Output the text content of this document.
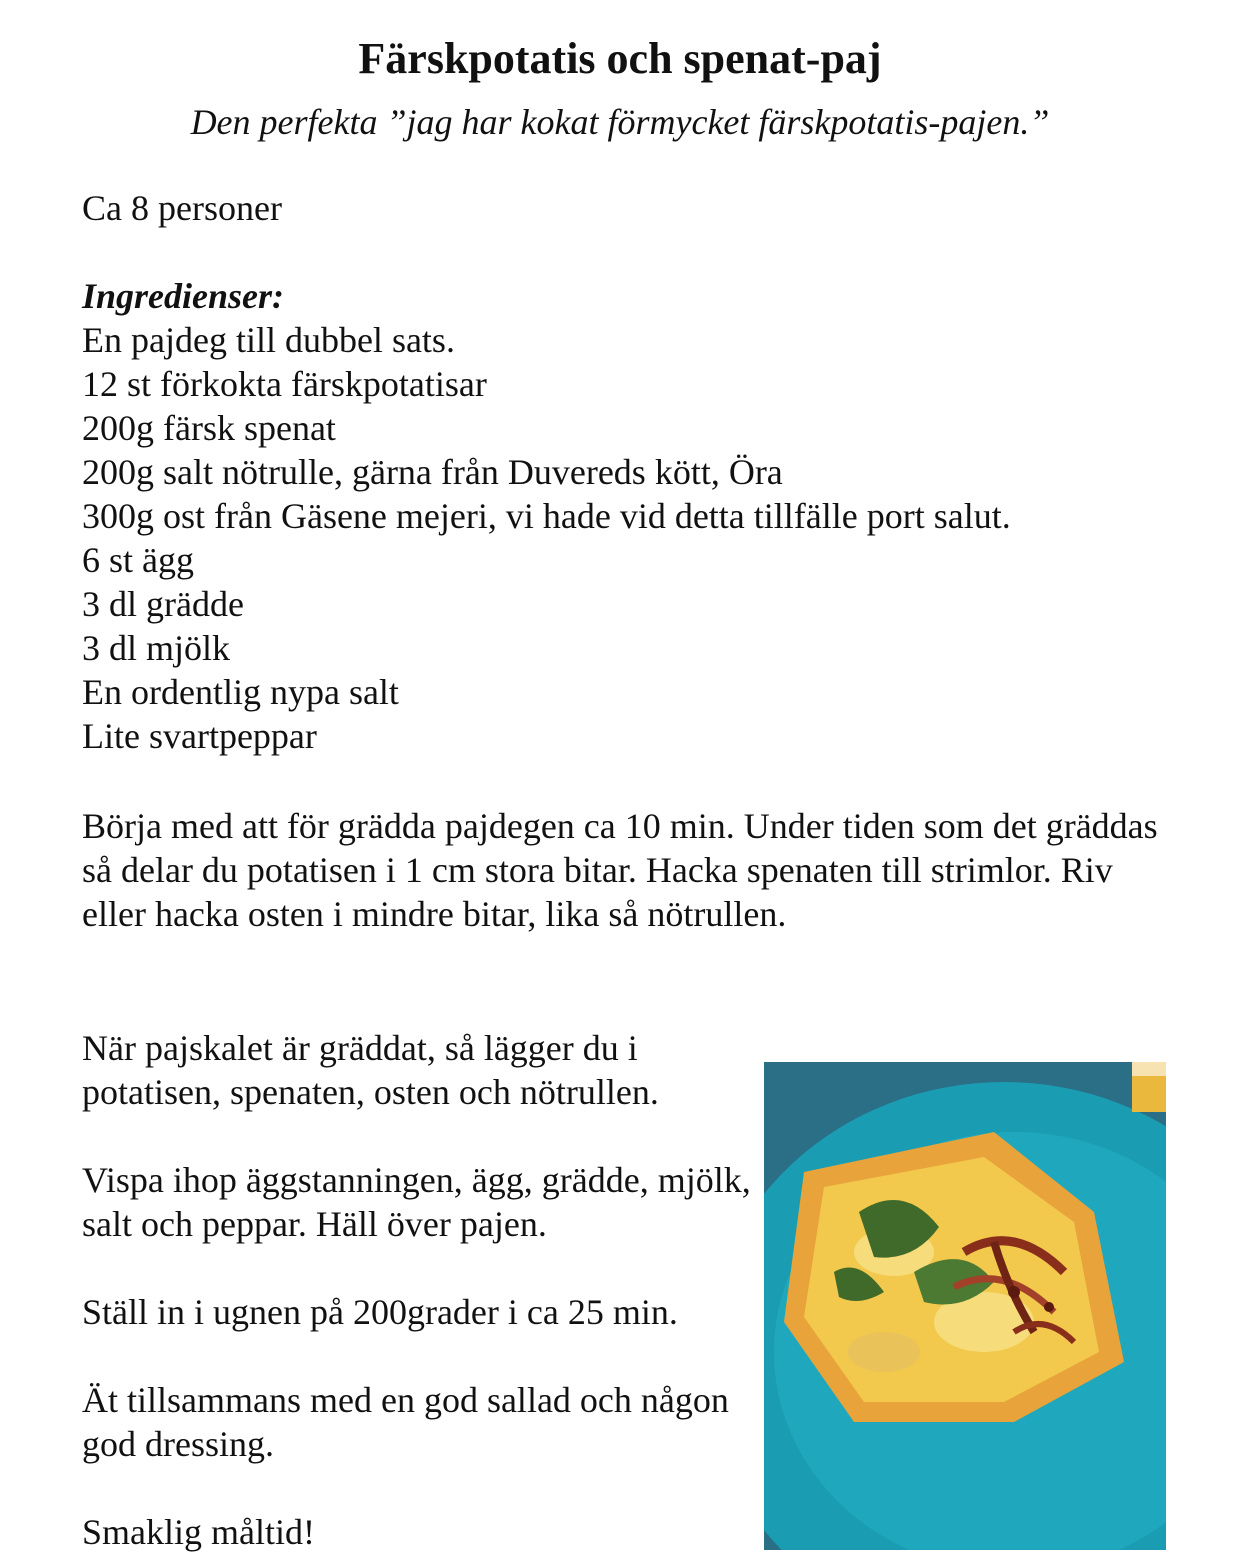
Färskpotatis och spenat-paj
Den perfekta ”jag har kokat förmycket färskpotatis-pajen.”

Ca 8 personer

Ingredienser:

En pajdeg till dubbel sats.
12 st förkokta färskpotatisar
200g färsk spenat
200g salt nötrulle, gärna från Duvereds kött, Öra
300g ost från Gäsene mejeri, vi hade vid detta tillfälle port salut.
6 st ägg
3 dl grädde
3 dl mjölk
En ordentlig nypa salt
Lite svartpeppar

Börja med att för grädda pajdegen ca 10 min. Under tiden som det gräddas så delar du potatisen i 1 cm stora bitar. Hacka spenaten till strimlor. Riv eller hacka osten i mindre bitar, lika så nötrullen.

När pajskalet är gräddat, så lägger du i potatisen, spenaten, osten och nötrullen.

Vispa ihop äggstanningen, ägg, grädde, mjölk, salt och peppar. Häll över pajen.

Ställ in i ugnen på 200grader i ca 25 min.

Ät tillsammans med en god sallad och någon god dressing.

Smaklig måltid!
